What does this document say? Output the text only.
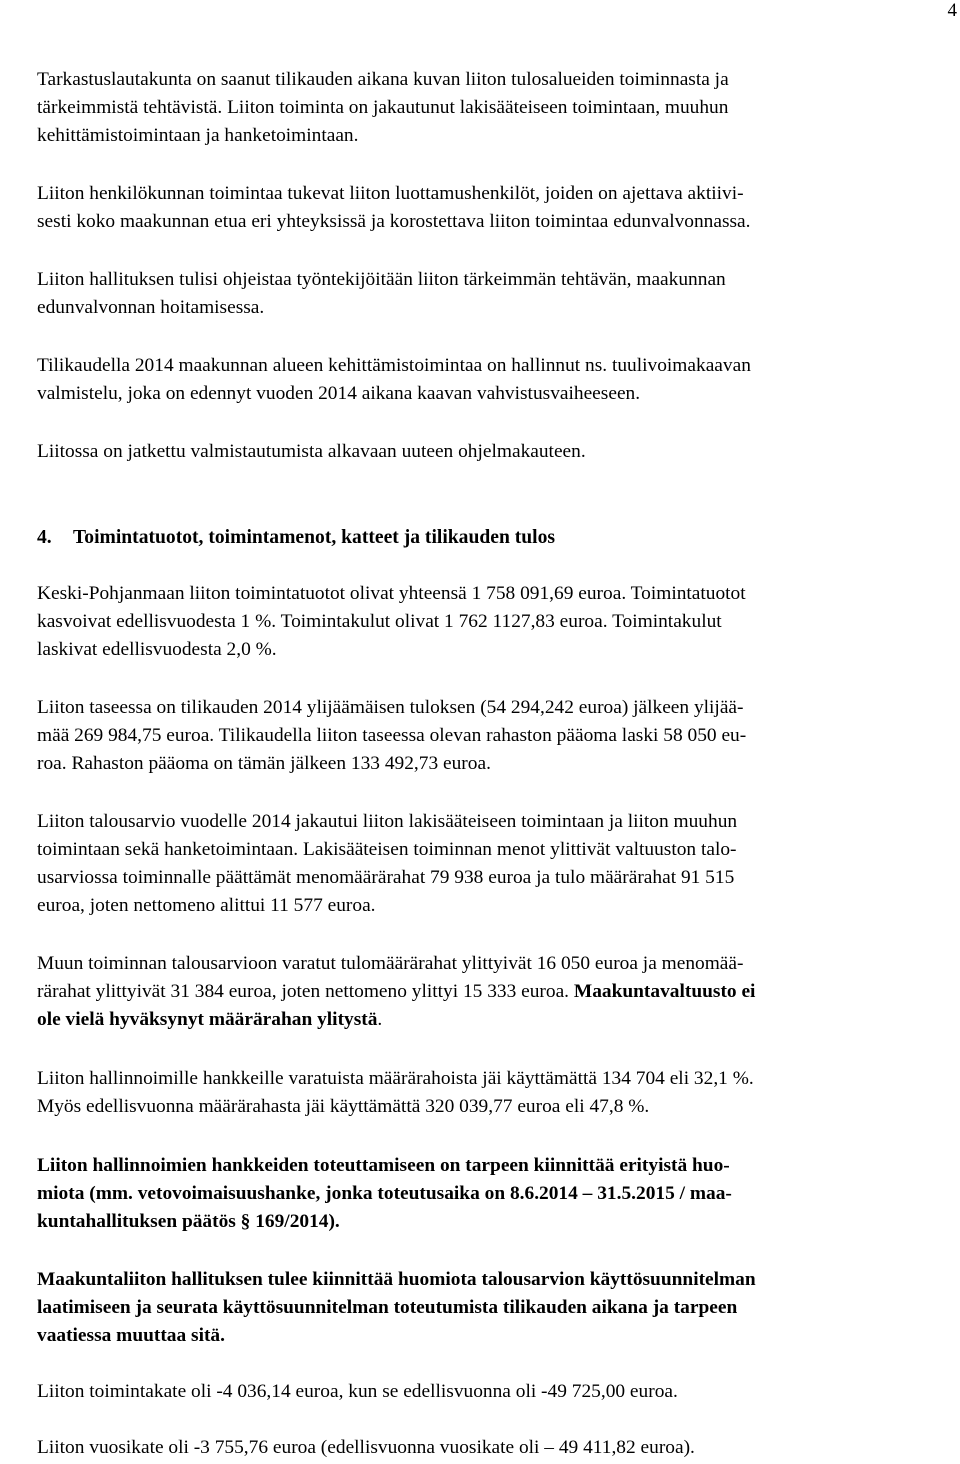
4
Tarkastuslautakunta on saanut tilikauden aikana kuvan liiton tulosalueiden toiminnasta ja
tärkeimmistä tehtävistä. Liiton toiminta on jakautunut lakisääteiseen toimintaan, muuhun
kehittämistoimintaan ja hanketoimintaan.
Liiton henkilökunnan toimintaa tukevat liiton luottamushenkilöt, joiden on ajettava aktiivi-
sesti koko maakunnan etua eri yhteyksissä ja korostettava liiton toimintaa edunvalvonnassa.
Liiton hallituksen tulisi ohjeistaa työntekijöitään liiton tärkeimmän tehtävän, maakunnan
edunvalvonnan hoitamisessa.
Tilikaudella 2014 maakunnan alueen kehittämistoimintaa on hallinnut ns. tuulivoimakaavan
valmistelu, joka on edennyt vuoden 2014 aikana kaavan vahvistusvaiheeseen.
Liitossa on jatkettu valmistautumista alkavaan uuteen ohjelmakauteen.
4. Toimintatuotot, toimintamenot, katteet ja tilikauden tulos
Keski-Pohjanmaan liiton toimintatuotot olivat yhteensä 1 758 091,69 euroa. Toimintatuotot
kasvoivat edellisvuodesta 1 %. Toimintakulut olivat 1 762 1127,83 euroa. Toimintakulut
laskivat edellisvuodesta 2,0 %.
Liiton taseessa on tilikauden 2014 ylijäämäisen tuloksen (54 294,242 euroa) jälkeen ylijää-
mää 269 984,75 euroa. Tilikaudella liiton taseessa olevan rahaston pääoma laski 58 050 eu-
roa. Rahaston pääoma on tämän jälkeen 133 492,73 euroa.
Liiton talousarvio vuodelle 2014 jakautui liiton lakisääteiseen toimintaan ja liiton muuhun
toimintaan sekä hanketoimintaan. Lakisääteisen toiminnan menot ylittivät valtuuston talo-
usarviossa toiminnalle päättämät menomäärärahat 79 938 euroa ja tulo määrärahat 91 515
euroa, joten nettomeno alittui 11 577 euroa.
Muun toiminnan talousarvioon varatut tulomäärärahat ylittyivät 16 050 euroa ja menomää-
rärahat ylittyivät 31 384 euroa, joten nettomeno ylittyi 15 333 euroa. Maakuntavaltuusto ei
ole vielä hyväksynyt määrärahan ylitystä.
Liiton hallinnoimille hankkeille varatuista määrärahoista jäi käyttämättä 134 704 eli 32,1 %.
Myös edellisvuonna määrärahasta jäi käyttämättä 320 039,77 euroa eli 47,8 %.
Liiton hallinnoimien hankkeiden toteuttamiseen on tarpeen kiinnittää erityistä huo-
miota (mm. vetovoimaisuushanke, jonka toteutusaika on 8.6.2014 – 31.5.2015 / maa-
kuntahallituksen päätös § 169/2014).
Maakuntaliiton hallituksen tulee kiinnittää huomiota talousarvion käyttösuunnitelman
laatimiseen ja seurata käyttösuunnitelman toteutumista tilikauden aikana ja tarpeen
vaatiessa muuttaa sitä.
Liiton toimintakate oli -4 036,14 euroa, kun se edellisvuonna oli -49 725,00 euroa.
Liiton vuosikate oli -3 755,76 euroa (edellisvuonna vuosikate oli – 49 411,82 euroa).
